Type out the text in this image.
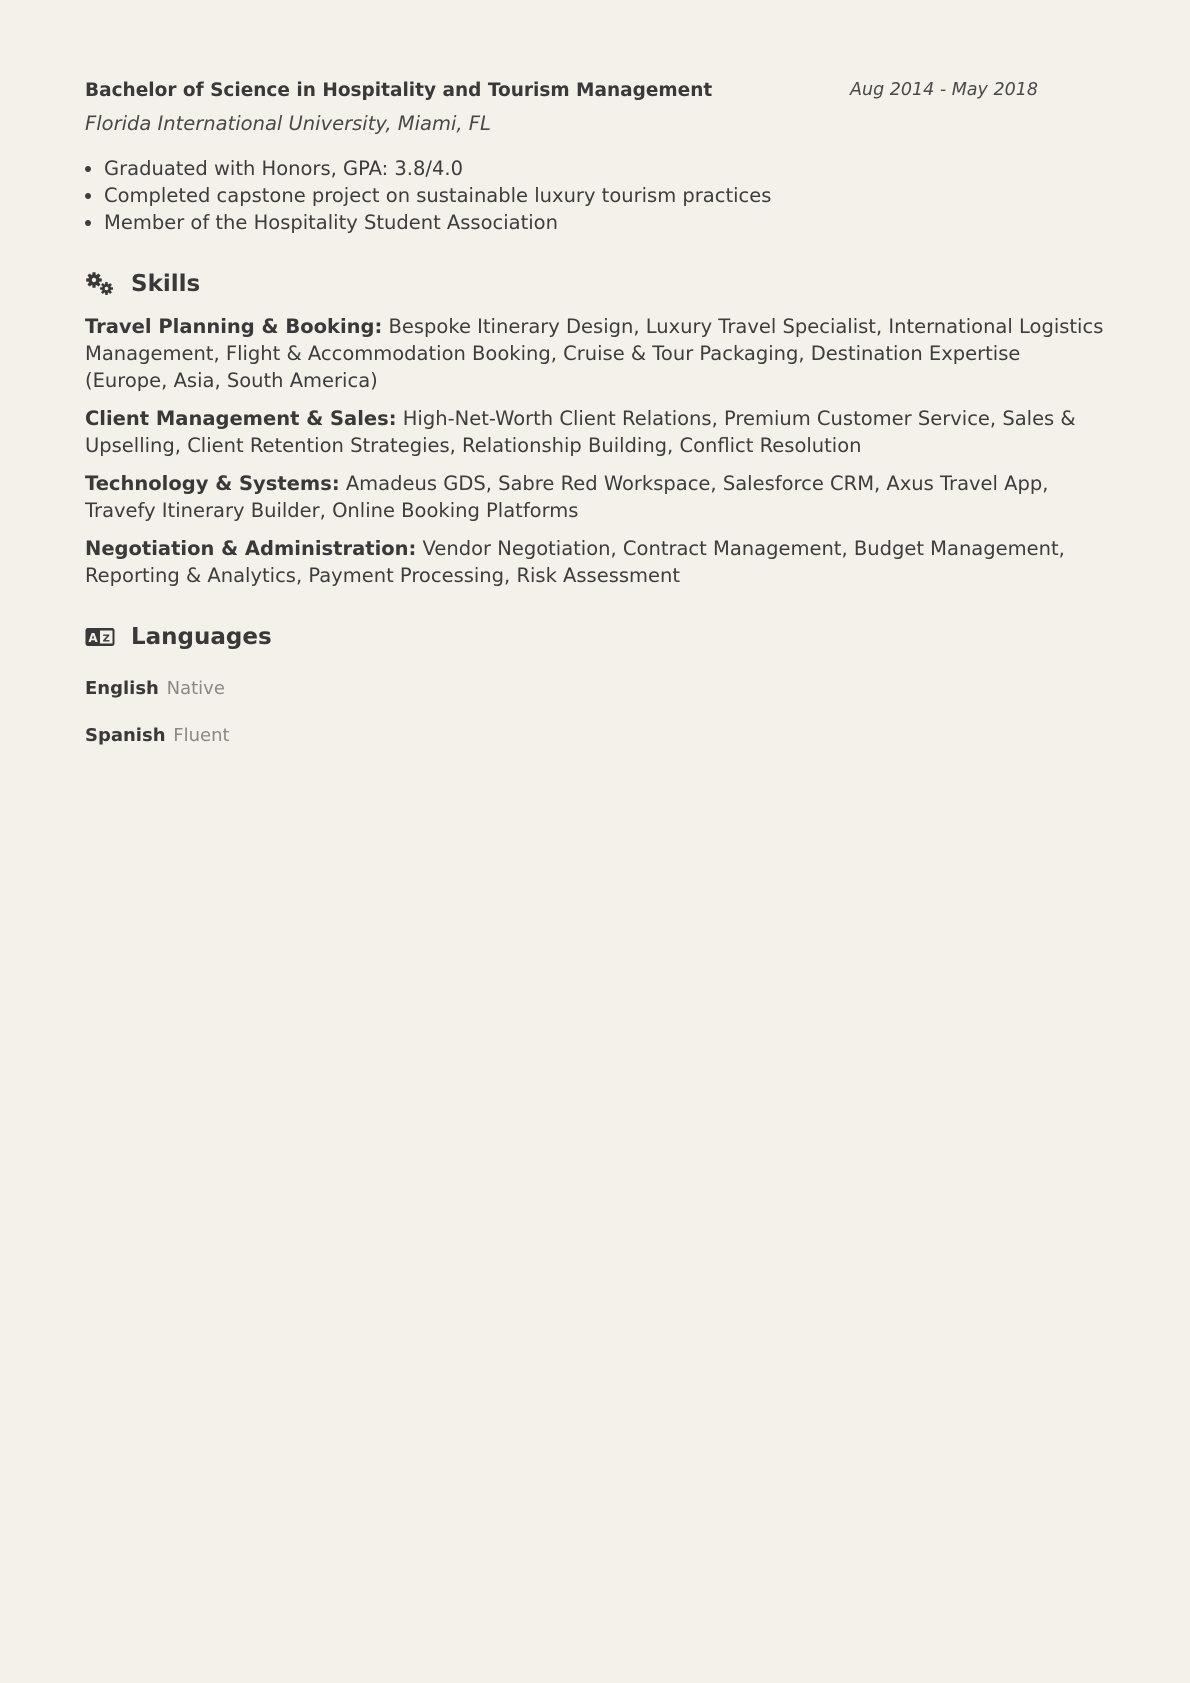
Bachelor of Science in Hospitality and Tourism Management	Aug 2014 - May 2018
Florida International University, Miami, FL
• Graduated with Honors, GPA: 3.8/4.0
• Completed capstone project on sustainable luxury tourism practices
• Member of the Hospitality Student Association
Skills
Travel Planning & Booking: Bespoke Itinerary Design, Luxury Travel Specialist, International Logistics Management, Flight & Accommodation Booking, Cruise & Tour Packaging, Destination Expertise (Europe, Asia, South America)
Client Management & Sales: High-Net-Worth Client Relations, Premium Customer Service, Sales & Upselling, Client Retention Strategies, Relationship Building, Conflict Resolution
Technology & Systems: Amadeus GDS, Sabre Red Workspace, Salesforce CRM, Axus Travel App, Travefy Itinerary Builder, Online Booking Platforms
Negotiation & Administration: Vendor Negotiation, Contract Management, Budget Management, Reporting & Analytics, Payment Processing, Risk Assessment
A Z Languages
English Native
Spanish Fluent
